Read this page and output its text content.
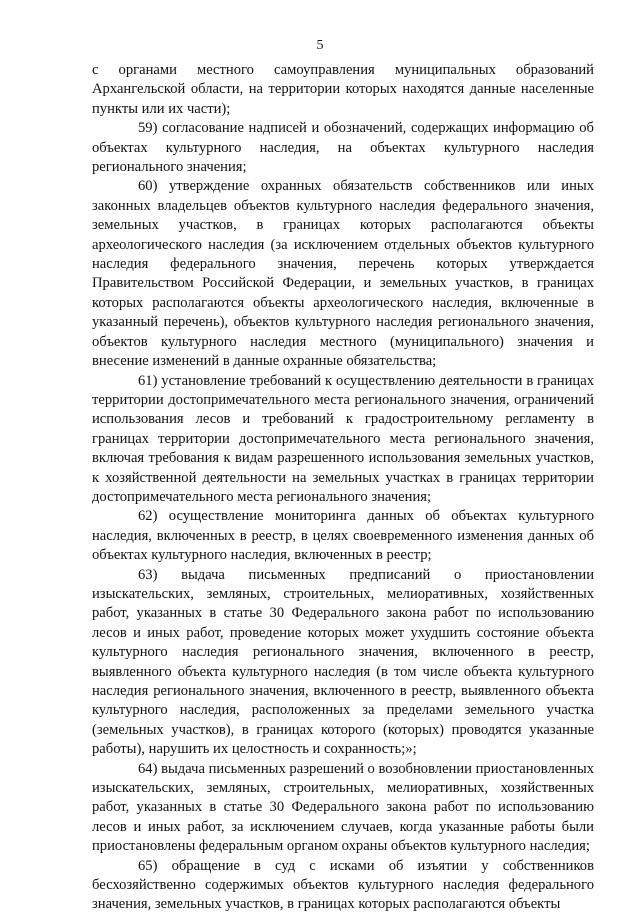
5

с органами местного самоуправления муниципальных образований Архангельской области, на территории которых находятся данные населенные пункты или их части);

59) согласование надписей и обозначений, содержащих информацию об объектах культурного наследия, на объектах культурного наследия регионального значения;

60) утверждение охранных обязательств собственников или иных законных владельцев объектов культурного наследия федерального значения, земельных участков, в границах которых располагаются объекты археологического наследия (за исключением отдельных объектов культурного наследия федерального значения, перечень которых утверждается Правительством Российской Федерации, и земельных участков, в границах которых располагаются объекты археологического наследия, включенные в указанный перечень), объектов культурного наследия регионального значения, объектов культурного наследия местного (муниципального) значения и внесение изменений в данные охранные обязательства;

61) установление требований к осуществлению деятельности в границах территории достопримечательного места регионального значения, ограничений использования лесов и требований к градостроительному регламенту в границах территории достопримечательного места регионального значения, включая требования к видам разрешенного использования земельных участков, к хозяйственной деятельности на земельных участках в границах территории достопримечательного места регионального значения;

62) осуществление мониторинга данных об объектах культурного наследия, включенных в реестр, в целях своевременного изменения данных об объектах культурного наследия, включенных в реестр;

63) выдача письменных предписаний о приостановлении изыскательских, земляных, строительных, мелиоративных, хозяйственных работ, указанных в статье 30 Федерального закона работ по использованию лесов и иных работ, проведение которых может ухудшить состояние объекта культурного наследия регионального значения, включенного в реестр, выявленного объекта культурного наследия (в том числе объекта культурного наследия регионального значения, включенного в реестр, выявленного объекта культурного наследия, расположенных за пределами земельного участка (земельных участков), в границах которого (которых) проводятся указанные работы), нарушить их целостность и сохранность;»;

64) выдача письменных разрешений о возобновлении приостановленных изыскательских, земляных, строительных, мелиоративных, хозяйственных работ, указанных в статье 30 Федерального закона работ по использованию лесов и иных работ, за исключением случаев, когда указанные работы были приостановлены федеральным органом охраны объектов культурного наследия;

65) обращение в суд с исками об изъятии у собственников бесхозяйственно содержимых объектов культурного наследия федерального значения, земельных участков, в границах которых располагаются объекты
